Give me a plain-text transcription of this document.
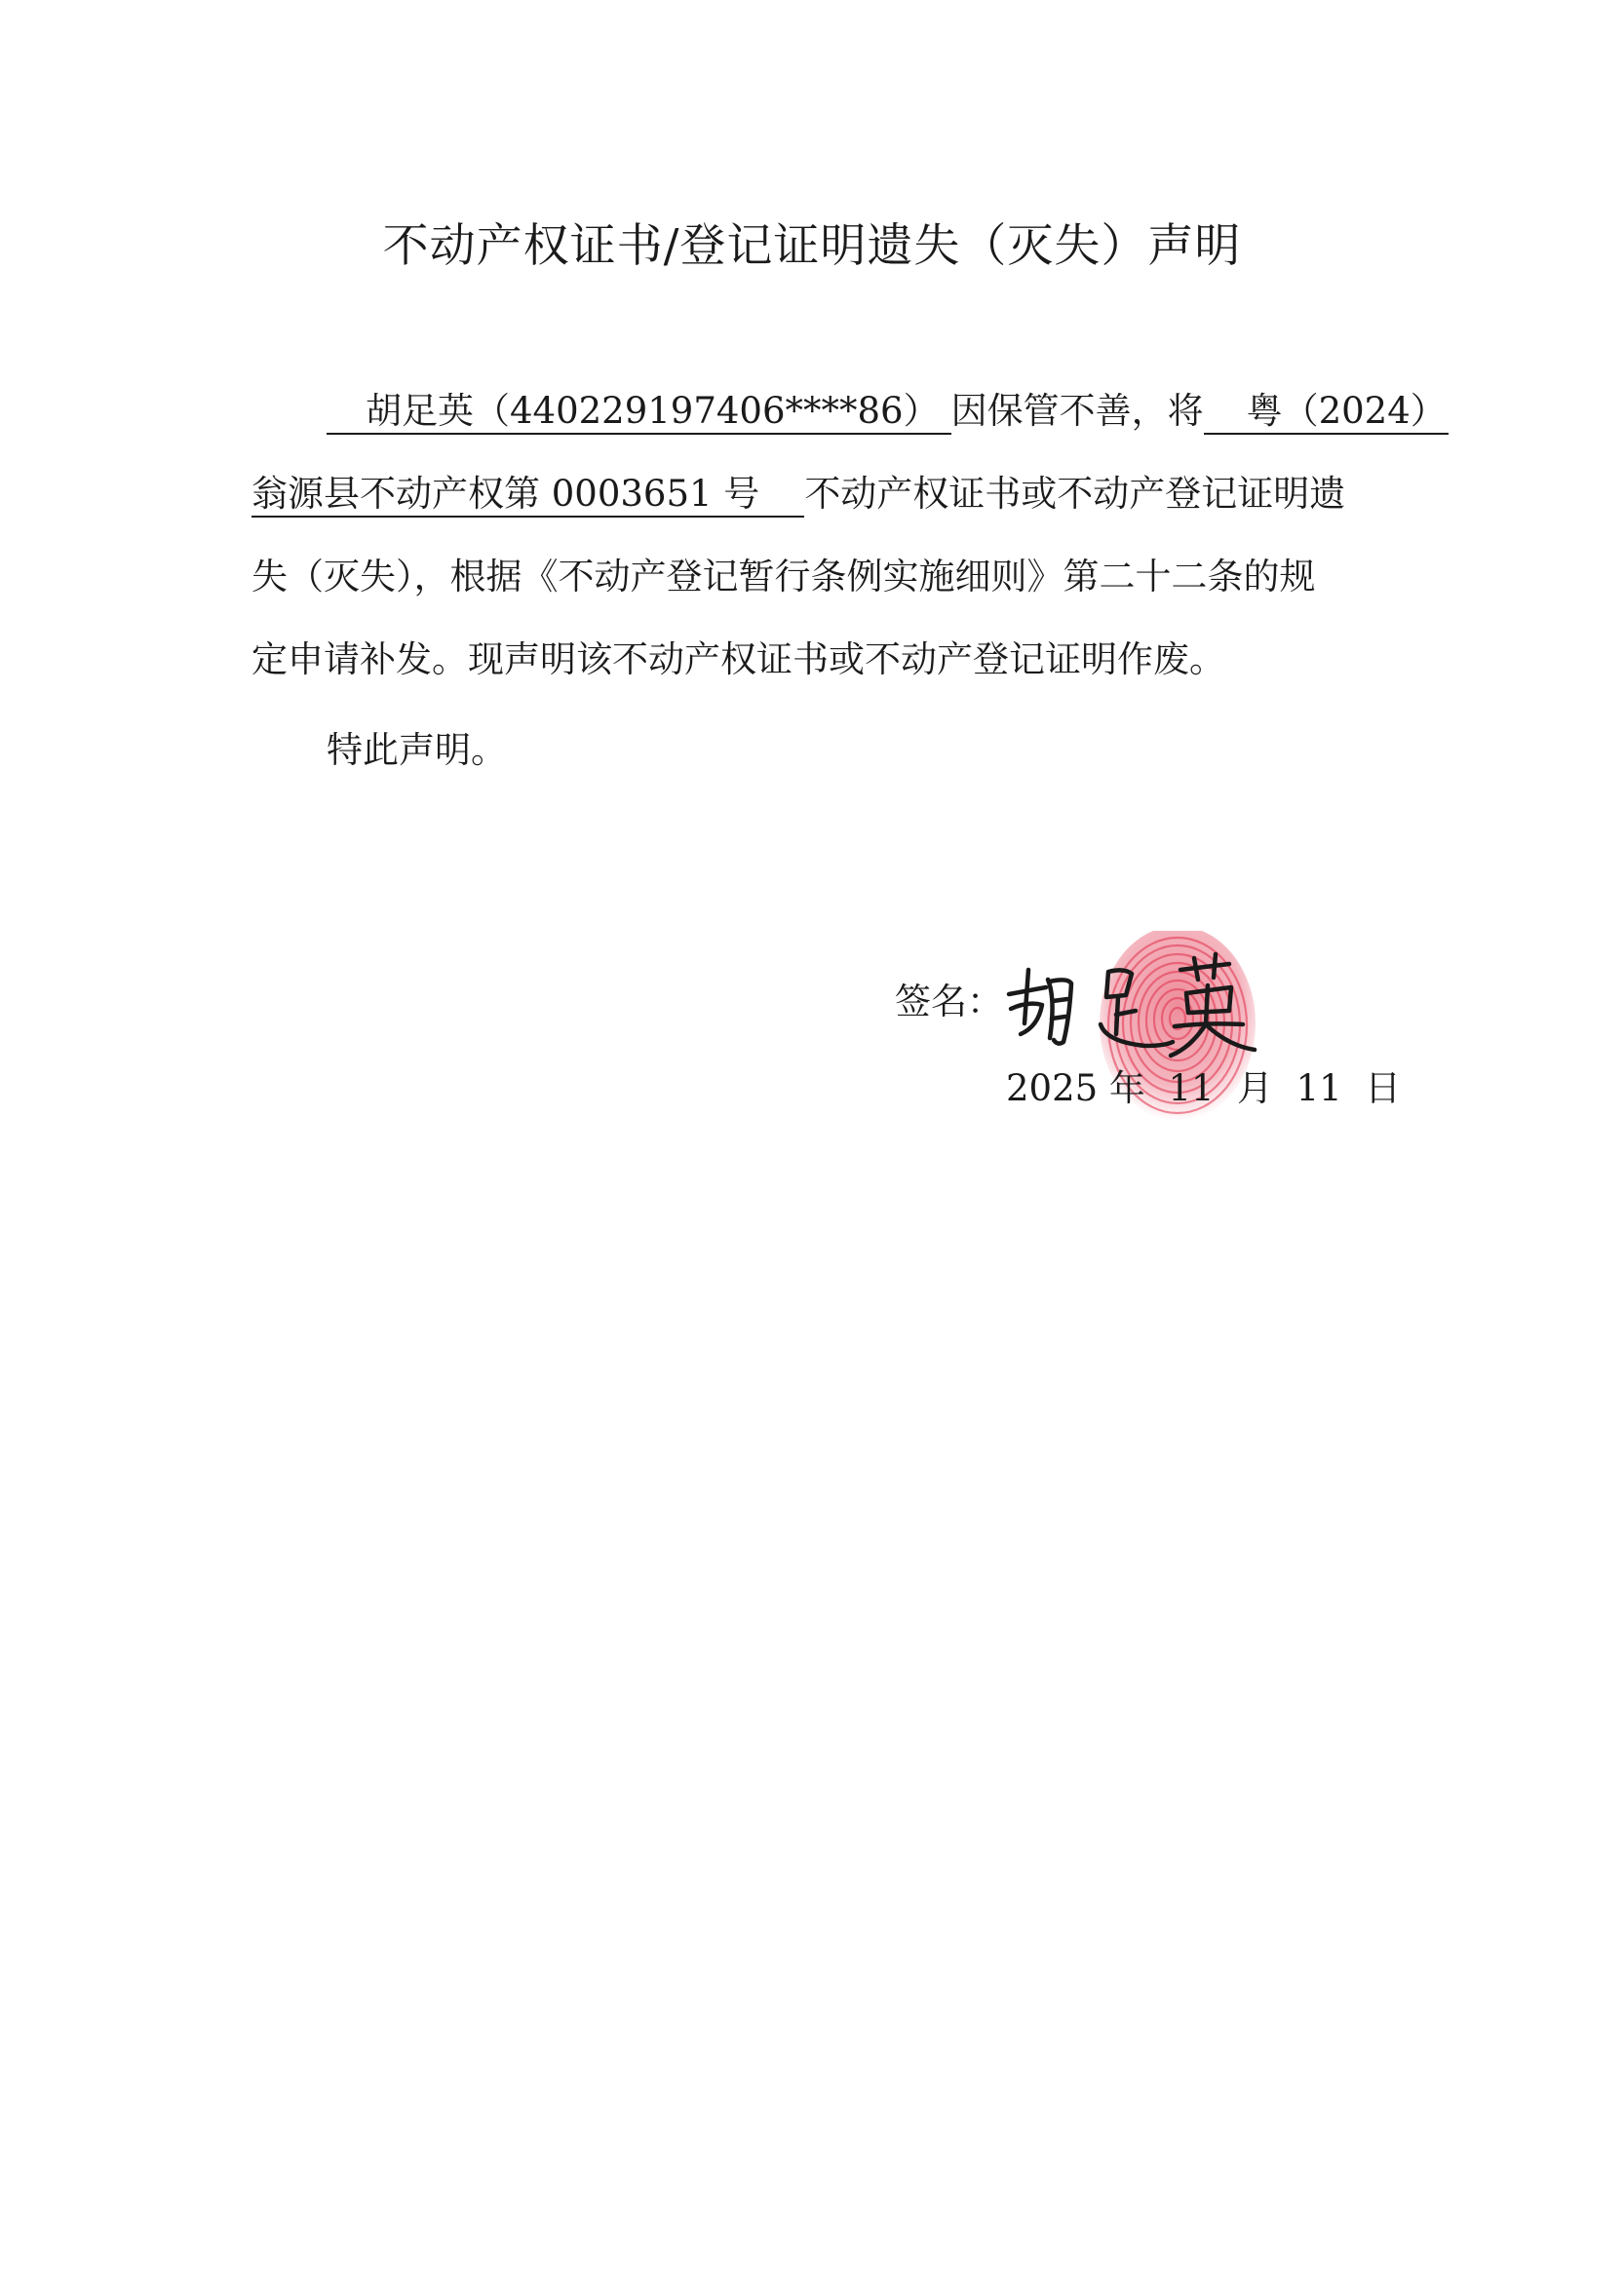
不动产权证书/登记证明遗失（灭失）声明
胡足英（440229197406****86） 因保管不善，将 粤（2024）
翁源县不动产权第 0003651 号 不动产权证书或不动产登记证明遗
失（灭失），根据《不动产登记暂行条例实施细则》第二十二条的规
定申请补发。现声明该不动产权证书或不动产登记证明作废。
特此声明。
签名：
2025 年  11  月  11  日
